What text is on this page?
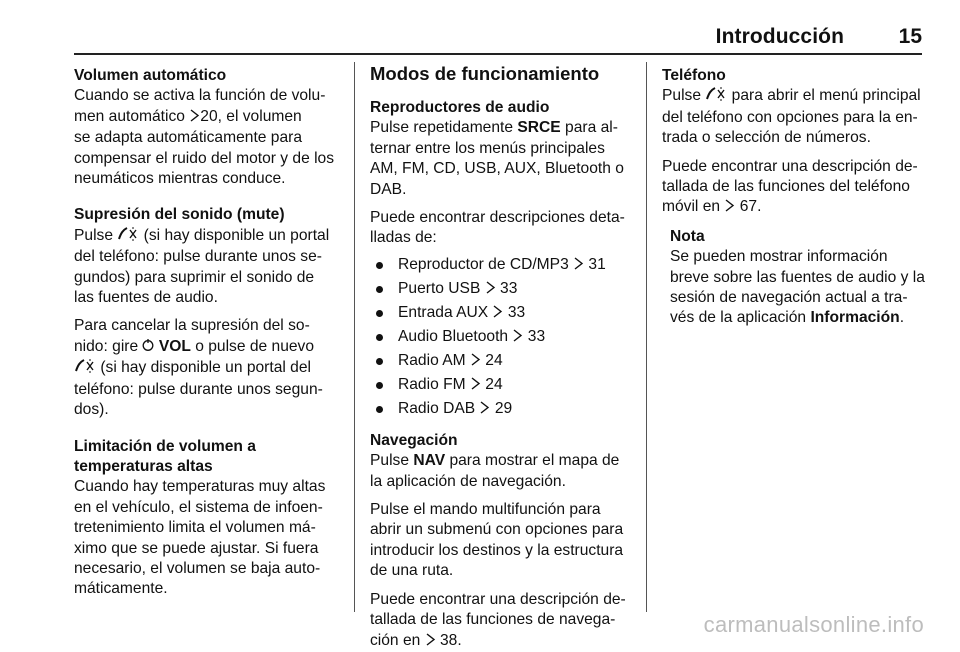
Introducción	15
Volumen automático
Cuando se activa la función de volu-
men automático 20, el volumen
se adapta automáticamente para
compensar el ruido del motor y de los
neumáticos mientras conduce.
Supresión del sonido (mute)
Pulse  (si hay disponible un portal
del teléfono: pulse durante unos se-
gundos) para suprimir el sonido de
las fuentes de audio.
Para cancelar la supresión del so-
nido: gire  VOL o pulse de nuevo
(si hay disponible un portal del
teléfono: pulse durante unos segun-
dos).
Limitación de volumen a
temperaturas altas
Cuando hay temperaturas muy altas
en el vehículo, el sistema de infoen-
tretenimiento limita el volumen má-
ximo que se puede ajustar. Si fuera
necesario, el volumen se baja auto-
máticamente.
Modos de funcionamiento
Reproductores de audio
Pulse repetidamente SRCE para al-
ternar entre los menús principales
AM, FM, CD, USB, AUX, Bluetooth o
DAB.
Puede encontrar descripciones deta-
lladas de:
Reproductor de CD/MP3  31
Puerto USB  33
Entrada AUX  33
Audio Bluetooth  33
Radio AM  24
Radio FM  24
Radio DAB  29
Navegación
Pulse NAV para mostrar el mapa de
la aplicación de navegación.
Pulse el mando multifunción para
abrir un submenú con opciones para
introducir los destinos y la estructura
de una ruta.
Puede encontrar una descripción de-
tallada de las funciones de navega-
ción en  38.
Teléfono
Pulse  para abrir el menú principal
del teléfono con opciones para la en-
trada o selección de números.
Puede encontrar una descripción de-
tallada de las funciones del teléfono
móvil en  67.
Nota
Se pueden mostrar información
breve sobre las fuentes de audio y la
sesión de navegación actual a tra-
vés de la aplicación Información.
carmanualsonline.info
